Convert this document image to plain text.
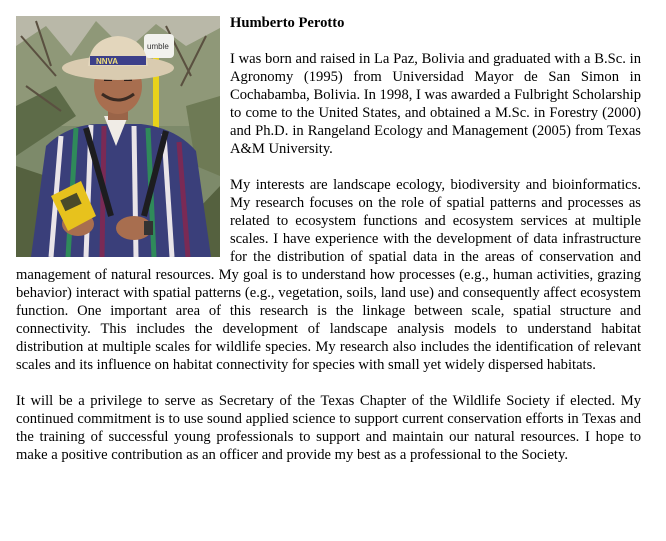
umble
NNVA
Humberto Perotto

I was born and raised in La Paz, Bolivia and graduated with a B.Sc. in Agronomy (1995) from Universidad Mayor de San Simon in Cochabamba, Bolivia. In 1998, I was awarded a Fulbright Scholarship to come to the United States, and obtained a M.Sc. in Forestry (2000) and Ph.D. in Rangeland Ecology and Management (2005) from Texas A&M University.

My interests are landscape ecology, biodiversity and bioinformatics. My research focuses on the role of spatial patterns and processes as related to ecosystem functions and ecosystem services at multiple scales. I have experience with the development of data infrastructure for the distribution of spatial data in the areas of conservation and management of natural resources. My goal is to understand how processes (e.g., human activities, grazing behavior) interact with spatial patterns (e.g., vegetation, soils, land use) and consequently affect ecosystem function. One important area of this research is the linkage between scale, spatial structure and connectivity. This includes the development of landscape analysis models to understand habitat distribution at multiple scales for wildlife species. My research also includes the identification of relevant scales and its influence on habitat connectivity for species with small yet widely dispersed habitats.

It will be a privilege to serve as Secretary of the Texas Chapter of the Wildlife Society if elected. My continued commitment is to use sound applied science to support current conservation efforts in Texas and the training of successful young professionals to support and maintain our natural resources. I hope to make a positive contribution as an officer and provide my best as a professional to the Society.
